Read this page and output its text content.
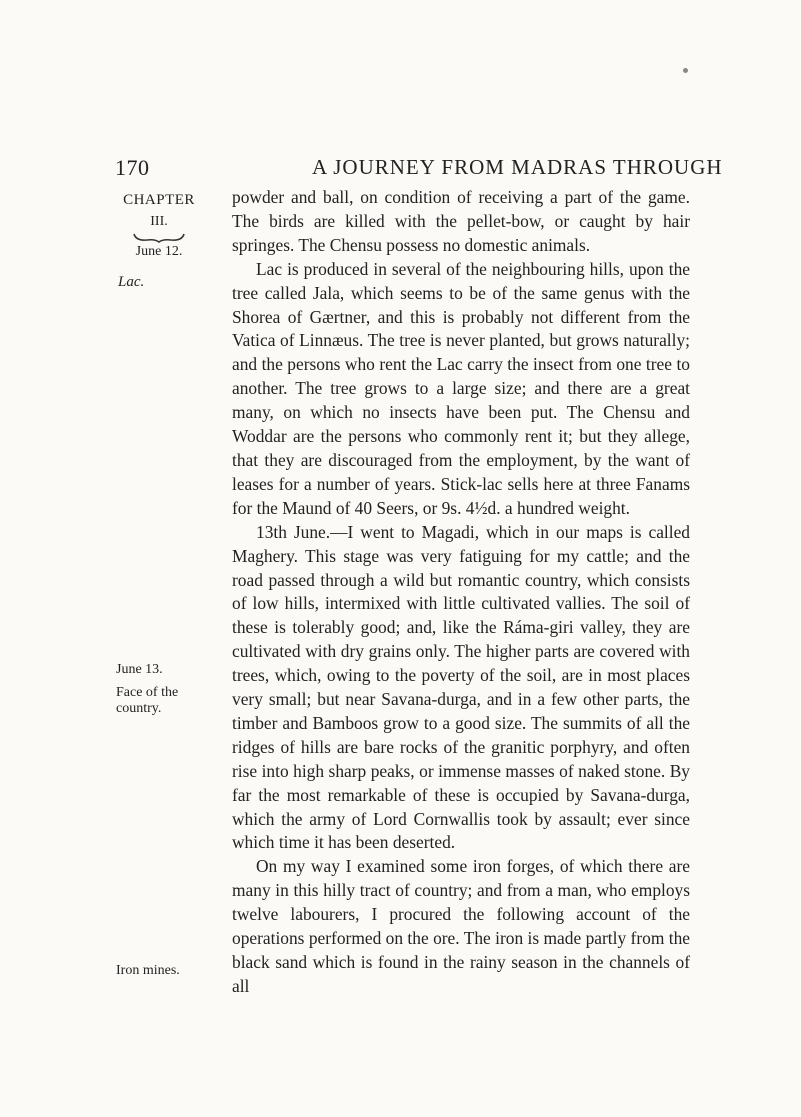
170	A JOURNEY FROM MADRAS THROUGH
CHAPTER
III.
June 12.
Lac.
June 13.
Face of the country.
Iron mines.

powder and ball, on condition of receiving a part of the game. The birds are killed with the pellet-bow, or caught by hair springes. The Chensu possess no domestic animals.

Lac is produced in several of the neighbouring hills, upon the tree called Jala, which seems to be of the same genus with the Shorea of Gærtner, and this is probably not different from the Vatica of Linnæus. The tree is never planted, but grows naturally; and the persons who rent the Lac carry the insect from one tree to another. The tree grows to a large size; and there are a great many, on which no insects have been put. The Chensu and Woddar are the persons who commonly rent it; but they allege, that they are discouraged from the employment, by the want of leases for a number of years. Stick-lac sells here at three Fanams for the Maund of 40 Seers, or 9s. 4½d. a hundred weight.

13th June.—I went to Magadi, which in our maps is called Maghery. This stage was very fatiguing for my cattle; and the road passed through a wild but romantic country, which consists of low hills, intermixed with little cultivated vallies. The soil of these is tolerably good; and, like the Ráma-giri valley, they are cultivated with dry grains only. The higher parts are covered with trees, which, owing to the poverty of the soil, are in most places very small; but near Savana-durga, and in a few other parts, the timber and Bamboos grow to a good size. The summits of all the ridges of hills are bare rocks of the granitic porphyry, and often rise into high sharp peaks, or immense masses of naked stone. By far the most remarkable of these is occupied by Savana-durga, which the army of Lord Cornwallis took by assault; ever since which time it has been deserted.

On my way I examined some iron forges, of which there are many in this hilly tract of country; and from a man, who employs twelve labourers, I procured the following account of the operations performed on the ore. The iron is made partly from the black sand which is found in the rainy season in the channels of all
